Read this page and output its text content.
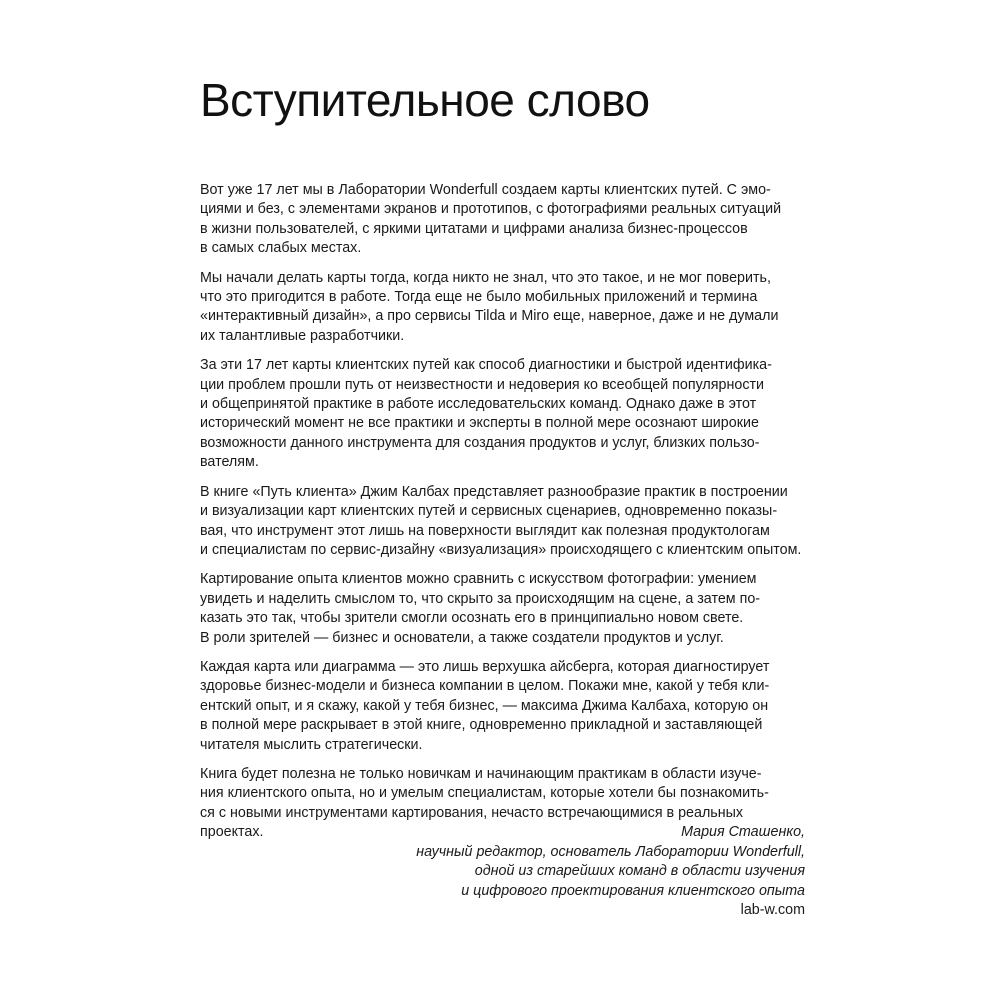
Вступительное слово

Вот уже 17 лет мы в Лаборатории Wonderfull создаем карты клиентских путей. С эмо-
циями и без, с элементами экранов и прототипов, с фотографиями реальных ситуаций
в жизни пользователей, с яркими цитатами и цифрами анализа бизнес-процессов
в самых слабых местах.

Мы начали делать карты тогда, когда никто не знал, что это такое, и не мог поверить,
что это пригодится в работе. Тогда еще не было мобильных приложений и термина
«интерактивный дизайн», а про сервисы Tilda и Miro еще, наверное, даже и не думали
их талантливые разработчики.

За эти 17 лет карты клиентских путей как способ диагностики и быстрой идентифика-
ции проблем прошли путь от неизвестности и недоверия ко всеобщей популярности
и общепринятой практике в работе исследовательских команд. Однако даже в этот
исторический момент не все практики и эксперты в полной мере осознают широкие
возможности данного инструмента для создания продуктов и услуг, близких пользо-
вателям.

В книге «Путь клиента» Джим Калбах представляет разнообразие практик в построении
и визуализации карт клиентских путей и сервисных сценариев, одновременно показы-
вая, что инструмент этот лишь на поверхности выглядит как полезная продуктологам
и специалистам по сервис-дизайну «визуализация» происходящего с клиентским опытом.

Картирование опыта клиентов можно сравнить с искусством фотографии: умением
увидеть и наделить смыслом то, что скрыто за происходящим на сцене, а затем по-
казать это так, чтобы зрители смогли осознать его в принципиально новом свете.
В роли зрителей — бизнес и основатели, а также создатели продуктов и услуг.

Каждая карта или диаграмма — это лишь верхушка айсберга, которая диагностирует
здоровье бизнес-модели и бизнеса компании в целом. Покажи мне, какой у тебя кли-
ентский опыт, и я скажу, какой у тебя бизнес, — максима Джима Калбаха, которую он
в полной мере раскрывает в этой книге, одновременно прикладной и заставляющей
читателя мыслить стратегически.

Книга будет полезна не только новичкам и начинающим практикам в области изуче-
ния клиентского опыта, но и умелым специалистам, которые хотели бы познакомить-
ся с новыми инструментами картирования, нечасто встречающимися в реальных
проектах.	Мария Сташенко,
научный редактор, основатель Лаборатории Wonderfull,
одной из старейших команд в области изучения
и цифрового проектирования клиентского опыта
lab-w.com
